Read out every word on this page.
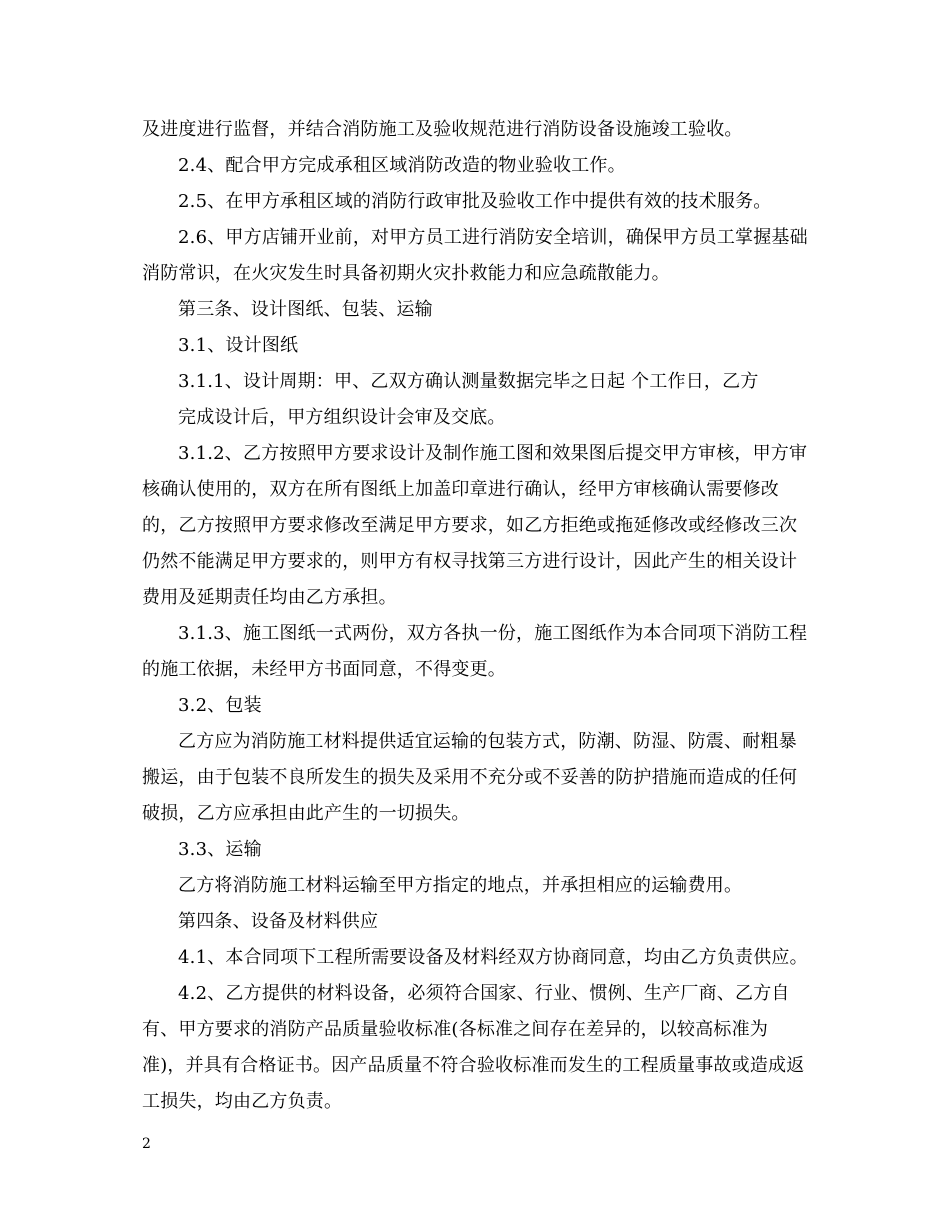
及进度进行监督，并结合消防施工及验收规范进行消防设备设施竣工验收。

2.4、配合甲方完成承租区域消防改造的物业验收工作。

2.5、在甲方承租区域的消防行政审批及验收工作中提供有效的技术服务。

2.6、甲方店铺开业前，对甲方员工进行消防安全培训，确保甲方员工掌握基础消防常识，在火灾发生时具备初期火灾扑救能力和应急疏散能力。

第三条、设计图纸、包装、运输

3.1、设计图纸

3.1.1、设计周期：甲、乙双方确认测量数据完毕之日起 个工作日，乙方

完成设计后，甲方组织设计会审及交底。

3.1.2、乙方按照甲方要求设计及制作施工图和效果图后提交甲方审核，甲方审核确认使用的，双方在所有图纸上加盖印章进行确认，经甲方审核确认需要修改的，乙方按照甲方要求修改至满足甲方要求，如乙方拒绝或拖延修改或经修改三次仍然不能满足甲方要求的，则甲方有权寻找第三方进行设计，因此产生的相关设计费用及延期责任均由乙方承担。

3.1.3、施工图纸一式两份，双方各执一份，施工图纸作为本合同项下消防工程的施工依据，未经甲方书面同意，不得变更。

3.2、包装

乙方应为消防施工材料提供适宜运输的包装方式，防潮、防湿、防震、耐粗暴搬运，由于包装不良所发生的损失及采用不充分或不妥善的防护措施而造成的任何破损，乙方应承担由此产生的一切损失。

3.3、运输

乙方将消防施工材料运输至甲方指定的地点，并承担相应的运输费用。

第四条、设备及材料供应

4.1、本合同项下工程所需要设备及材料经双方协商同意，均由乙方负责供应。

4.2、乙方提供的材料设备，必须符合国家、行业、惯例、生产厂商、乙方自有、甲方要求的消防产品质量验收标准(各标准之间存在差异的，以较高标准为准)，并具有合格证书。因产品质量不符合验收标准而发生的工程质量事故或造成返工损失，均由乙方负责。

2
